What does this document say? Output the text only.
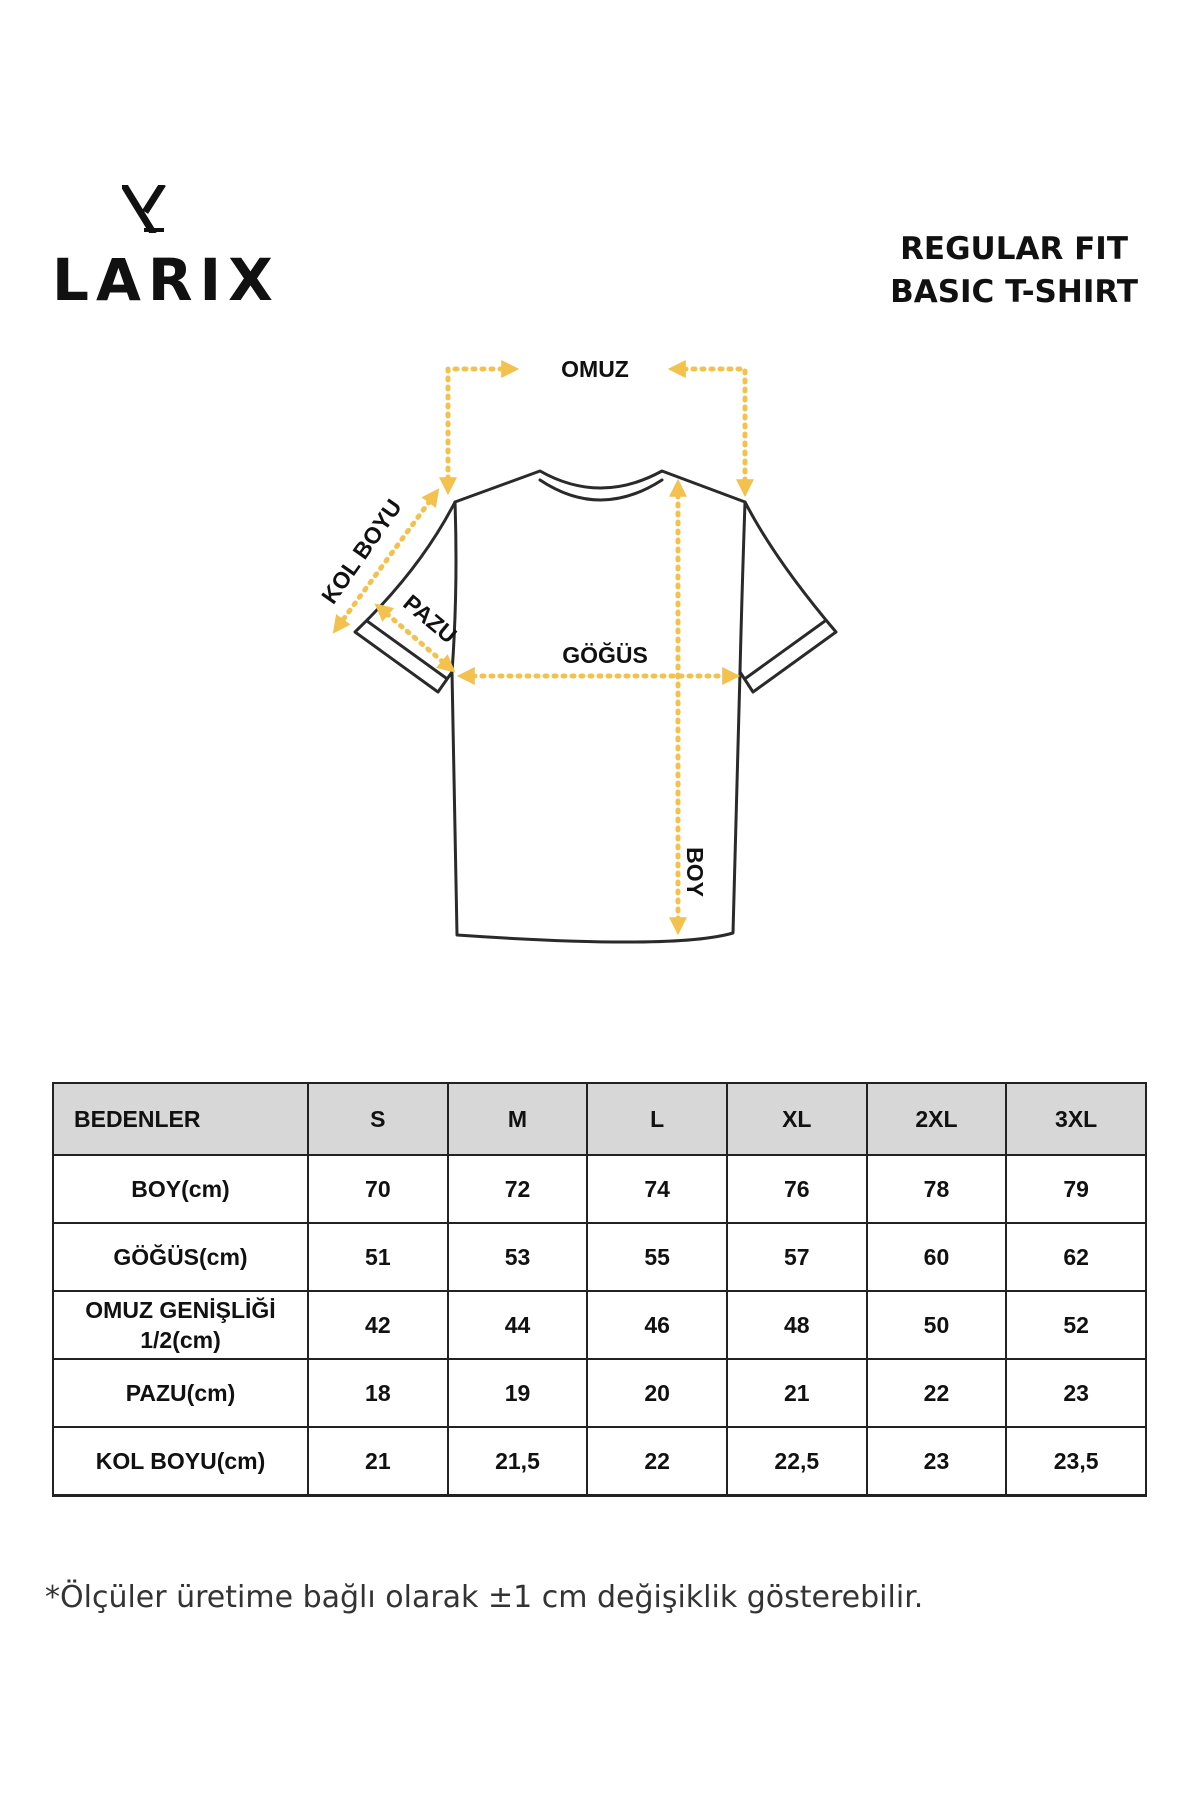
LARIX	REGULAR FIT
BASIC T-SHIRT
OMUZ
KOL BOYU
PAZU
GÖĞÜS
BOY
BEDENLER	S	M	L	XL	2XL	3XL
BOY(cm)	70	72	74	76	78	79
GÖĞÜS(cm)	51	53	55	57	60	62

OMUZ GENİŞLİĞİ
1/2(cm)	42	44	46	48	50	52
PAZU(cm)	18	19	20	21	22	23
KOL BOYU(cm)	21	21,5	22	22,5	23	23,5
*Ölçüler üretime bağlı olarak ±1 cm değişiklik gösterebilir.
